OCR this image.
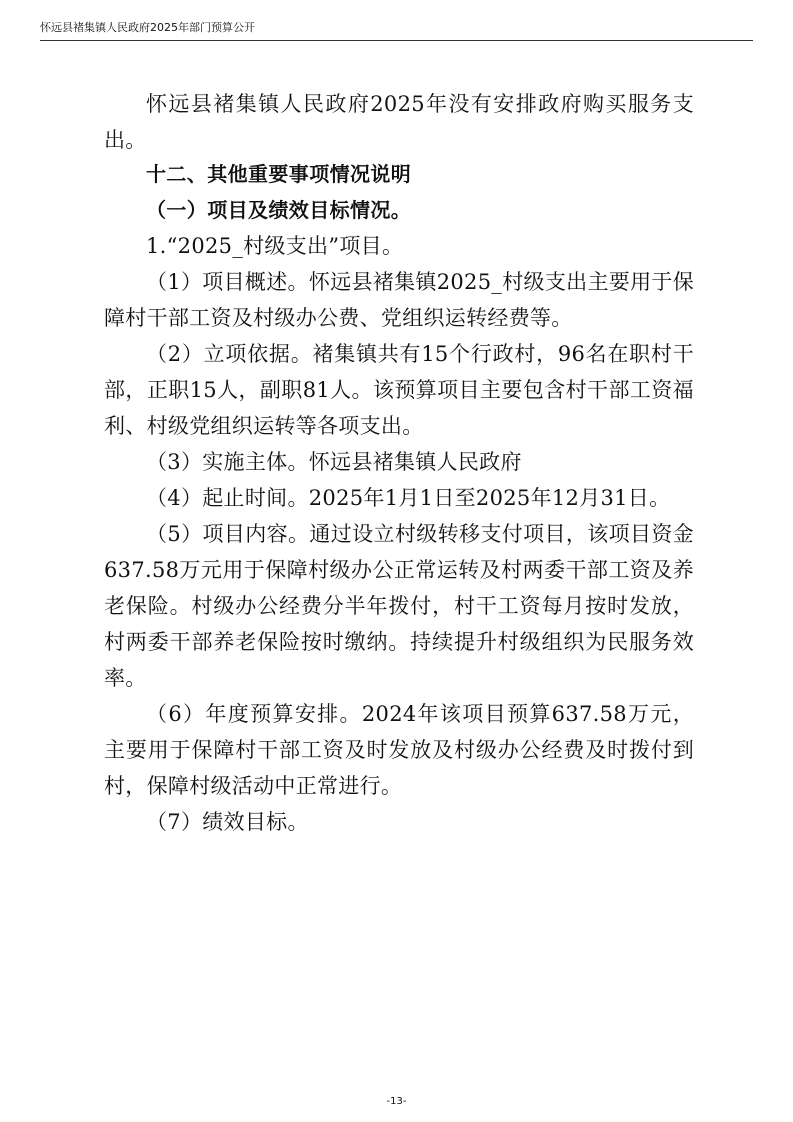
怀远县褚集镇人民政府2025年部门预算公开

怀远县褚集镇人民政府2025年没有安排政府购买服务支出。

十二、其他重要事项情况说明

（一）项目及绩效目标情况。

1.“2025_村级支出”项目。

（1）项目概述。怀远县褚集镇2025_村级支出主要用于保障村干部工资及村级办公费、党组织运转经费等。

（2）立项依据。褚集镇共有15个行政村，96名在职村干部，正职15人，副职81人。该预算项目主要包含村干部工资福利、村级党组织运转等各项支出。

（3）实施主体。怀远县褚集镇人民政府

（4）起止时间。2025年1月1日至2025年12月31日。

（5）项目内容。通过设立村级转移支付项目，该项目资金637.58万元用于保障村级办公正常运转及村两委干部工资及养老保险。村级办公经费分半年拨付，村干工资每月按时发放，村两委干部养老保险按时缴纳。持续提升村级组织为民服务效率。

（6）年度预算安排。2024年该项目预算637.58万元，主要用于保障村干部工资及时发放及村级办公经费及时拨付到村，保障村级活动中正常进行。

（7）绩效目标。

-13-
